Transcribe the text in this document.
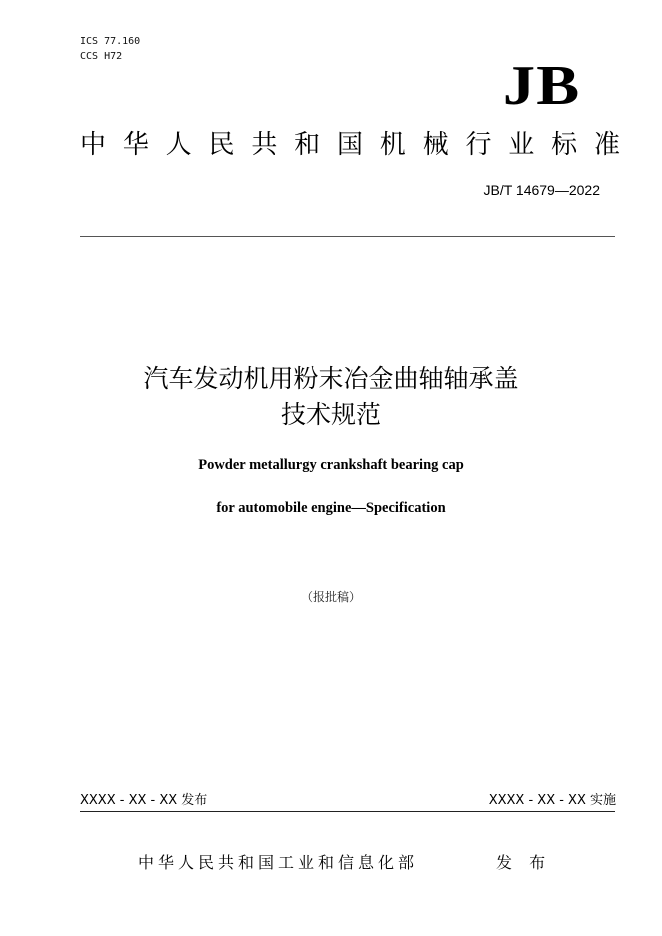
ICS 77.160
CCS H72	JB
中 华 人 民 共 和 国 机 械 行 业 标 准
JB/T 14679—2022
汽车发动机用粉末冶金曲轴轴承盖
技术规范
Powder metallurgy crankshaft bearing cap
for automobile engine—Specification
（报批稿）
XXXX - XX - XX 发布	XXXX - XX - XX 实施
中华人民共和国工业和信息化部	发 布
